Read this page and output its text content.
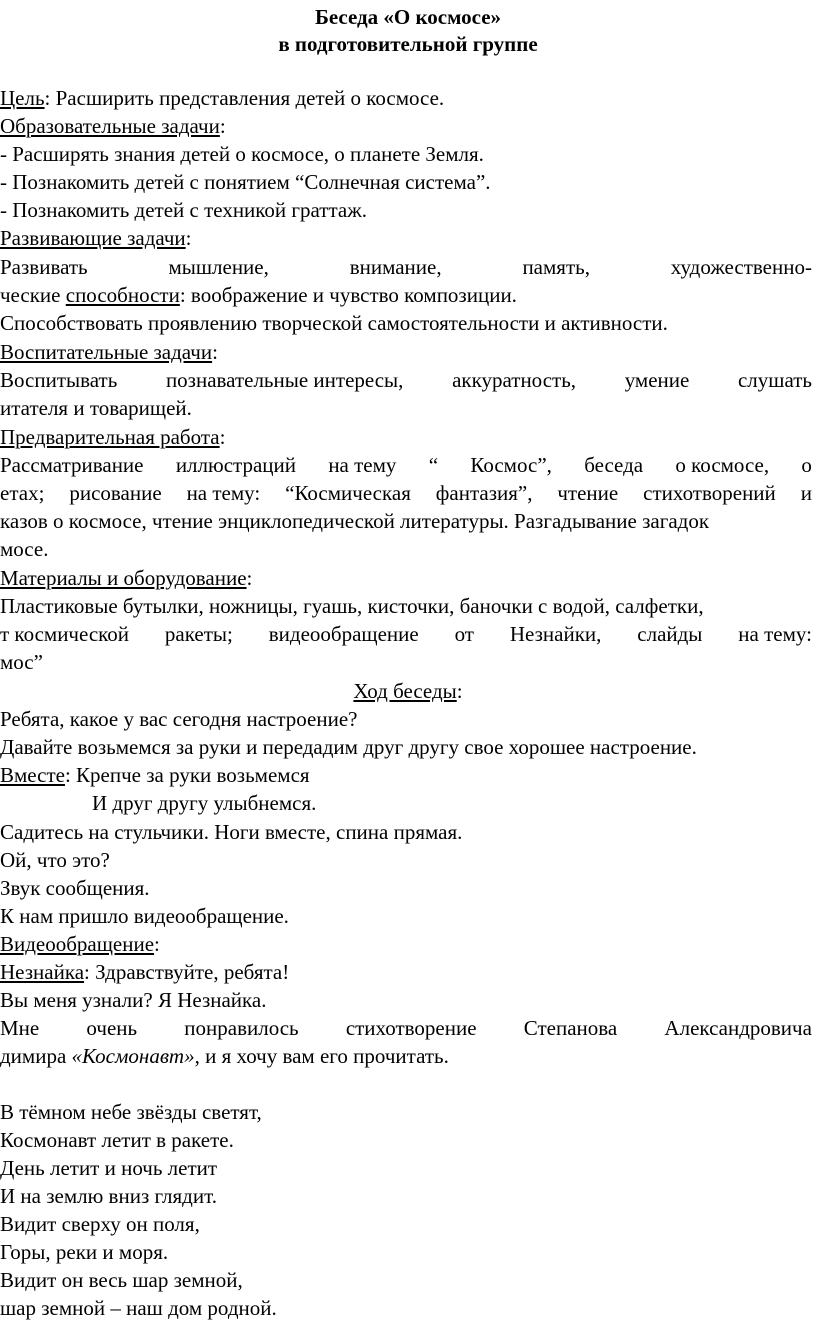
Беседа «О космосе»
в подготовительной группе
Цель: Расширить представления детей о космосе.
Образовательные задачи:
- Расширять знания детей о космосе, о планете Земля.
- Познакомить детей с понятием “Солнечная система”.
- Познакомить детей с техникой граттаж.
Развивающие задачи:
Развивать	мышление,	внимание,	память,	художественно-
ческие способности: воображение и чувство композиции.
Способствовать проявлению творческой самостоятельности и активности.
Воспитательные задачи:
Воспитывать познавательные интересы, аккуратность, умение слушать
итателя и товарищей.
Предварительная работа:
Рассматривание иллюстраций на тему “ Космос”, беседа о космосе, о
етах; рисование на тему: “Космическая фантазия”, чтение стихотворений и
казов о космосе, чтение энциклопедической литературы. Разгадывание загадок
мосе.
Материалы и оборудование:
Пластиковые бутылки, ножницы, гуашь, кисточки, баночки с водой, салфетки,
т космической ракеты; видеообращение от Незнайки, слайды на тему:
мос”
Ход беседы:
Ребята, какое у вас сегодня настроение?
Давайте возьмемся за руки и передадим друг другу свое хорошее настроение.
Вместе: Крепче за руки возьмемся
И друг другу улыбнемся.
Садитесь на стульчики. Ноги вместе, спина прямая.
Ой, что это?
Звук сообщения.
К нам пришло видеообращение.
Видеообращение:
Незнайка: Здравствуйте, ребята!
Вы меня узнали? Я Незнайка.
Мне очень понравилось стихотворение Степанова Александровича
димира «Космонавт», и я хочу вам его прочитать.
В тёмном небе звёзды светят,
Космонавт летит в ракете.
День летит и ночь летит
И на землю вниз глядит.
Видит сверху он поля,
Горы, реки и моря.
Видит он весь шар земной,
шар земной – наш дом родной.
